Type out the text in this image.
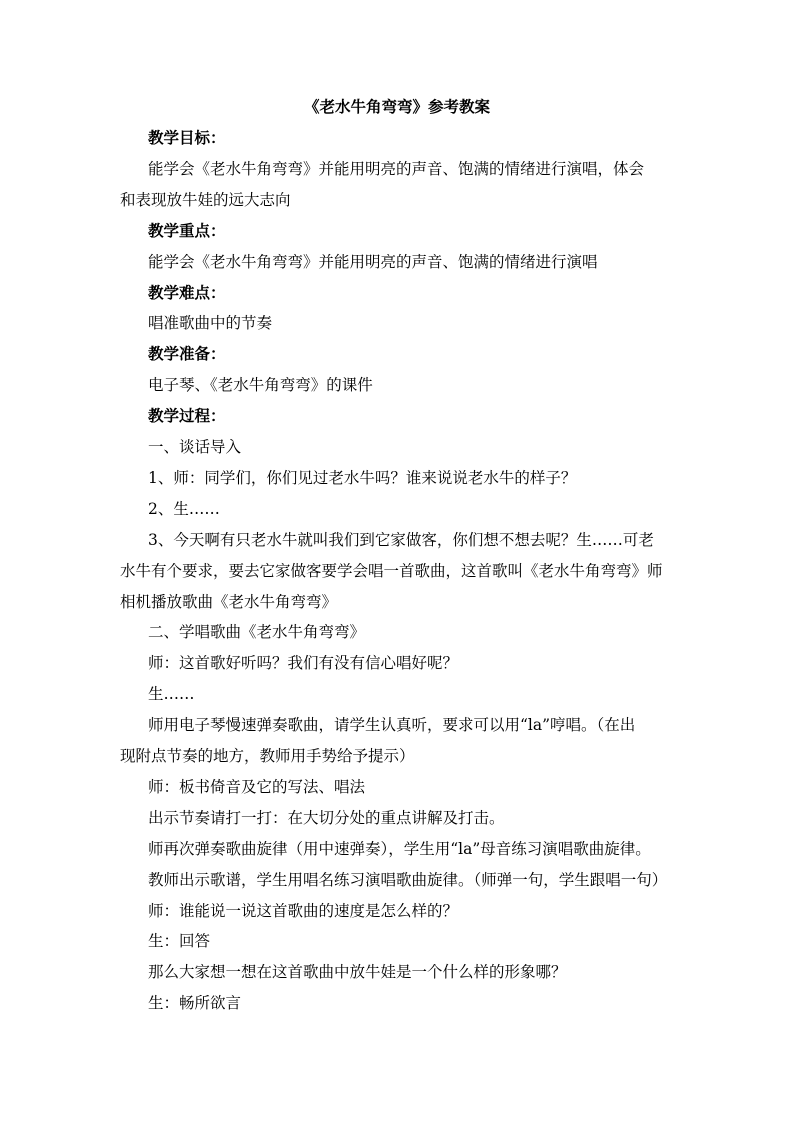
《老水牛角弯弯》参考教案
教学目标：
能学会《老水牛角弯弯》并能用明亮的声音、饱满的情绪进行演唱，体会
和表现放牛娃的远大志向
教学重点：
能学会《老水牛角弯弯》并能用明亮的声音、饱满的情绪进行演唱
教学难点：
唱准歌曲中的节奏
教学准备：
电子琴、《老水牛角弯弯》的课件
教学过程：
一、谈话导入
1、师：同学们，你们见过老水牛吗？谁来说说老水牛的样子？
2、生……
3、今天啊有只老水牛就叫我们到它家做客，你们想不想去呢？生……可老
水牛有个要求，要去它家做客要学会唱一首歌曲，这首歌叫《老水牛角弯弯》师
相机播放歌曲《老水牛角弯弯》
二、学唱歌曲《老水牛角弯弯》
师：这首歌好听吗？我们有没有信心唱好呢？
生……
师用电子琴慢速弹奏歌曲，请学生认真听，要求可以用“la”哼唱。（在出
现附点节奏的地方，教师用手势给予提示）
师：板书倚音及它的写法、唱法
出示节奏请打一打：在大切分处的重点讲解及打击。
师再次弹奏歌曲旋律（用中速弹奏），学生用“la”母音练习演唱歌曲旋律。
教师出示歌谱，学生用唱名练习演唱歌曲旋律。（师弹一句，学生跟唱一句）
师：谁能说一说这首歌曲的速度是怎么样的？
生：回答
那么大家想一想在这首歌曲中放牛娃是一个什么样的形象哪？
生：畅所欲言
